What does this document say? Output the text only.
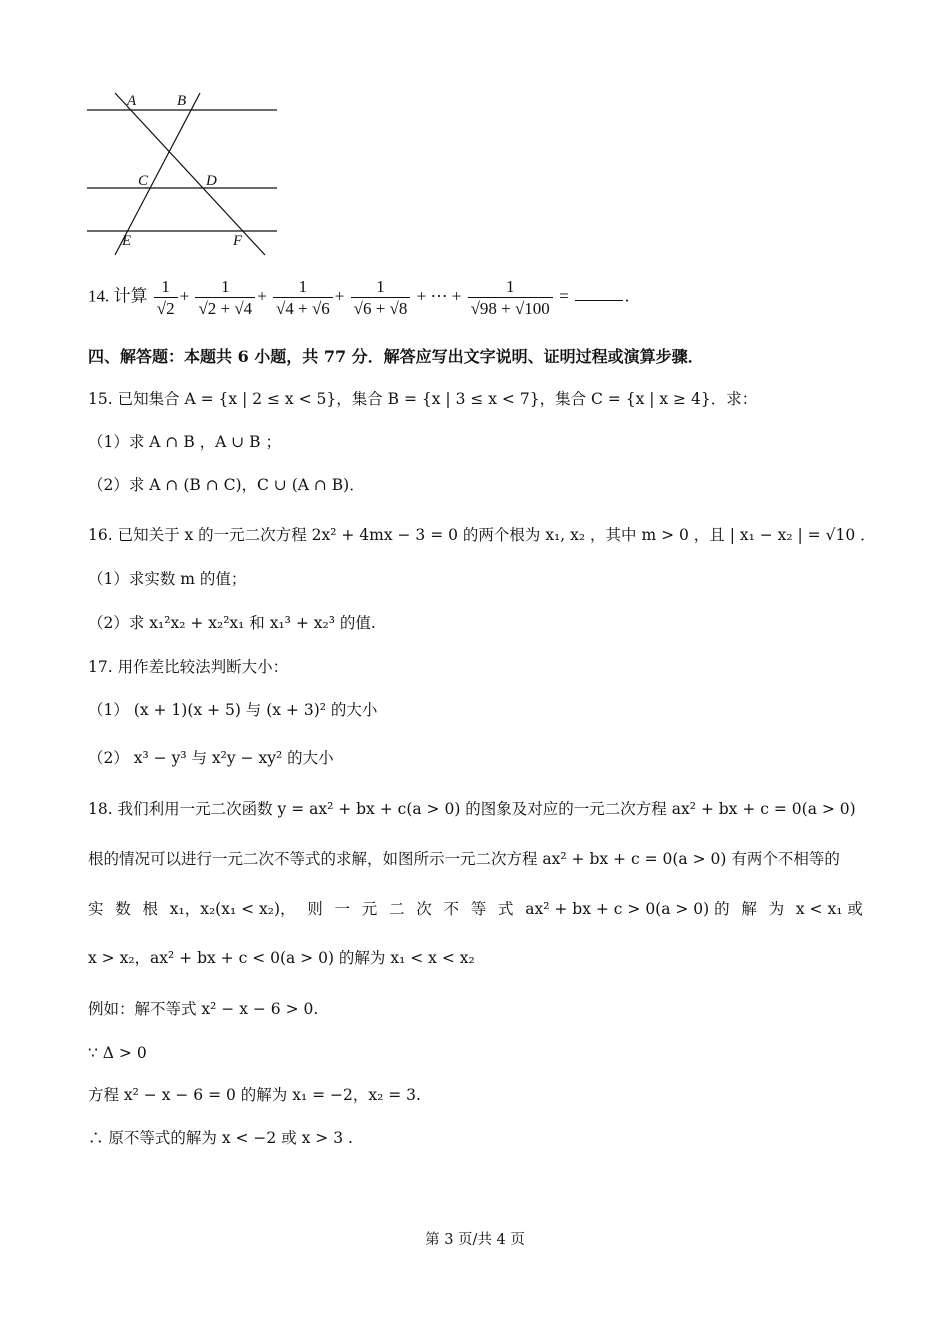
A	B
C	D
E	F
14. 计算 $\frac{1}{√2} + \frac{1}{√2 + √4} + \frac{1}{√4 + √6} + \frac{1}{√6 + √8}$ + ⋯ + $\frac{1}{√98 + √100}$ =	.
四、解答题：本题共 6 小题，共 77 分．解答应写出文字说明、证明过程或演算步骤．
15. 已知集合 A = {x | 2 ≤ x < 5}，集合 B = {x | 3 ≤ x < 7}，集合 C = {x | x ≥ 4}．求：
（1）求 A ∩ B ，A ∪ B ；
（2）求 A ∩ (B ∩ C)，C ∪ (A ∩ B)．
16. 已知关于 x 的一元二次方程 2x² + 4mx − 3 = 0 的两个根为 x₁, x₂ ，其中 m > 0 ，且 | x₁ − x₂ | = √10 ．
（1）求实数 m 的值；
（2）求 x₁²x₂ + x₂²x₁ 和 x₁³ + x₂³ 的值.
17. 用作差比较法判断大小：
（1） (x + 1)(x + 5) 与 (x + 3)² 的大小
（2） x³ − y³ 与 x²y − xy² 的大小
18. 我们利用一元二次函数 y = ax² + bx + c(a > 0) 的图象及对应的一元二次方程 ax² + bx + c = 0(a > 0)
根的情况可以进行一元二次不等式的求解，如图所示一元二次方程 ax² + bx + c = 0(a > 0) 有两个不相等的
实 数 根 x₁，x₂(x₁ < x₂)， 则 一 元 二 次 不 等 式 ax² + bx + c > 0(a > 0) 的 解 为 x < x₁ 或
x > x₂，ax² + bx + c < 0(a > 0) 的解为 x₁ < x < x₂
例如：解不等式 x² − x − 6 > 0.
∵ Δ > 0
方程 x² − x − 6 = 0 的解为 x₁ = −2，x₂ = 3.
∴ 原不等式的解为 x < −2 或 x > 3 .
第 3 页/共 4 页
